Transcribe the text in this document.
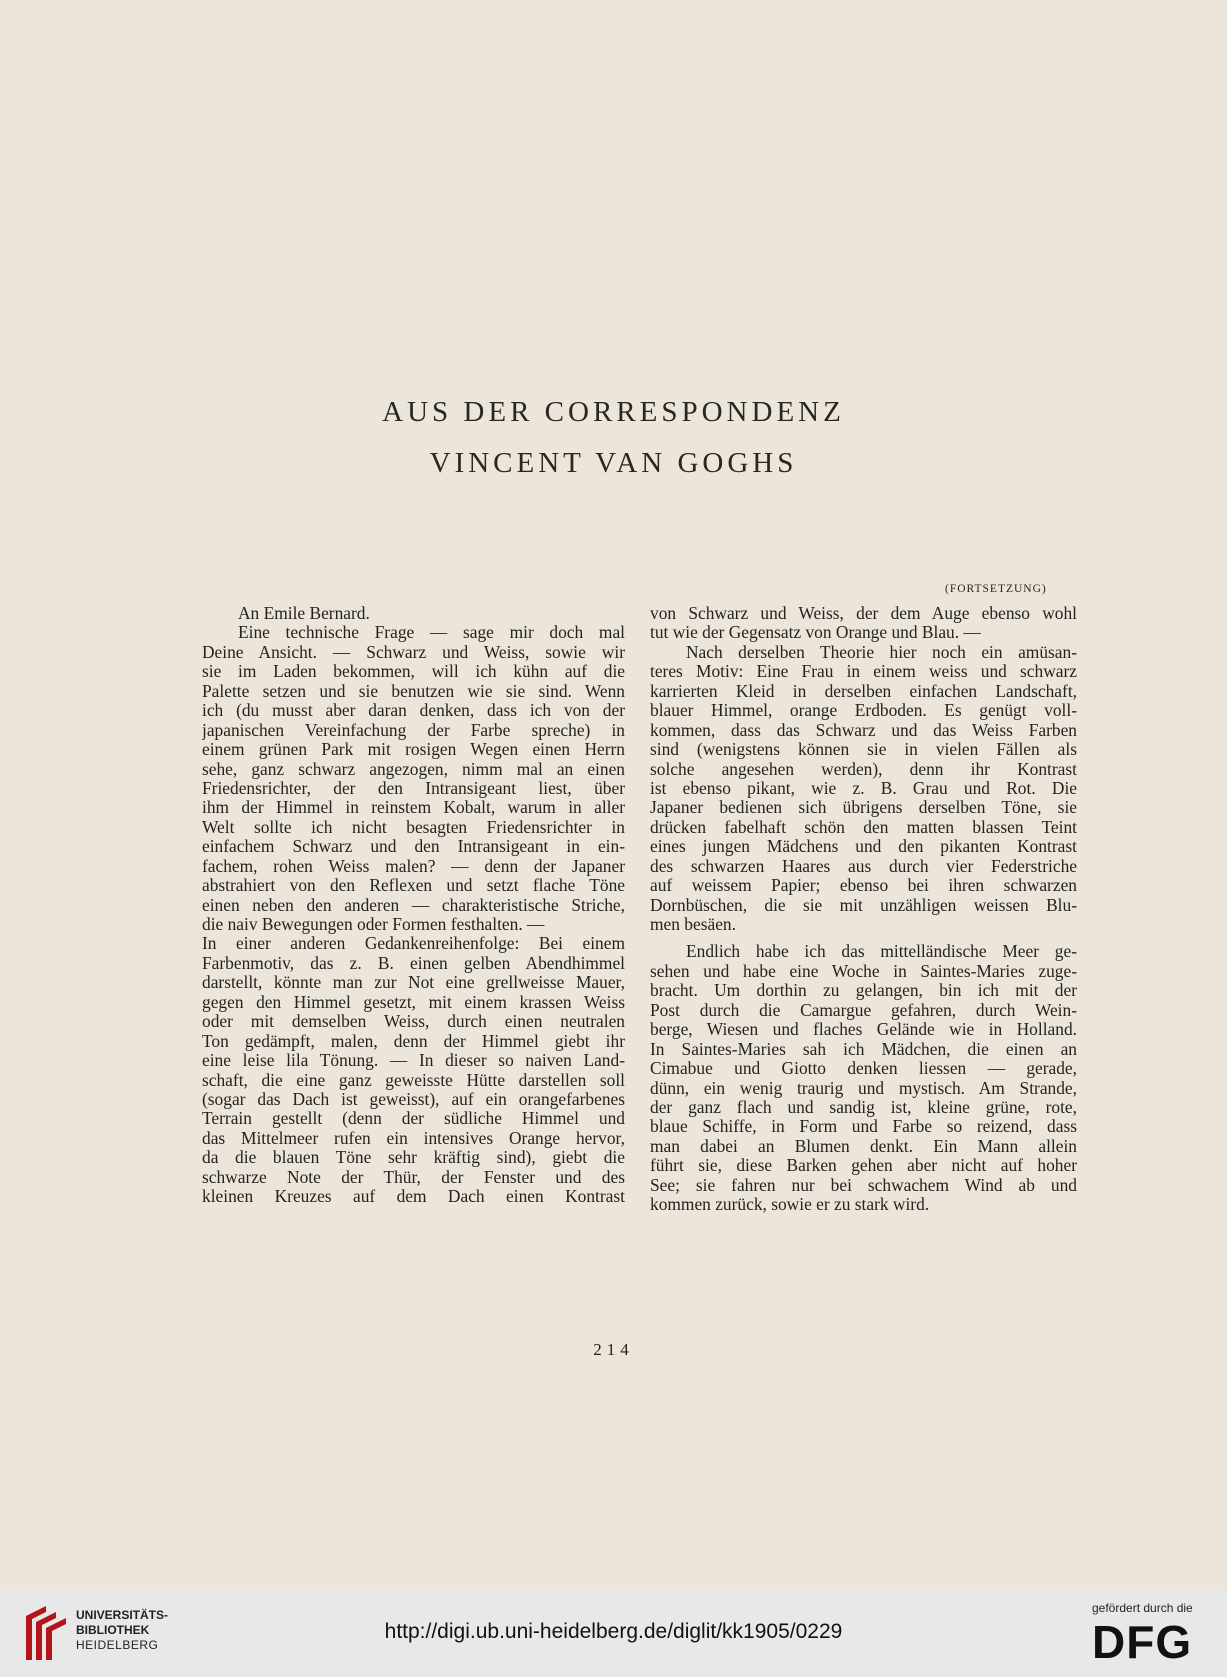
AUS DER CORRESPONDENZ
VINCENT VAN GOGHS
(FORTSETZUNG)
An Emile Bernard.
Eine technische Frage — sage mir doch mal
Deine Ansicht. — Schwarz und Weiss, sowie wir
sie im Laden bekommen, will ich kühn auf die
Palette setzen und sie benutzen wie sie sind. Wenn
ich (du musst aber daran denken, dass ich von der
japanischen Vereinfachung der Farbe spreche) in
einem grünen Park mit rosigen Wegen einen Herrn
sehe, ganz schwarz angezogen, nimm mal an einen
Friedensrichter, der den Intransigeant liest, über
ihm der Himmel in reinstem Kobalt, warum in aller
Welt sollte ich nicht besagten Friedensrichter in
einfachem Schwarz und den Intransigeant in ein-
fachem, rohen Weiss malen? — denn der Japaner
abstrahiert von den Reflexen und setzt flache Töne
einen neben den anderen — charakteristische Striche,
die naiv Bewegungen oder Formen festhalten. —
In einer anderen Gedankenreihenfolge: Bei einem
Farbenmotiv, das z. B. einen gelben Abendhimmel
darstellt, könnte man zur Not eine grellweisse Mauer,
gegen den Himmel gesetzt, mit einem krassen Weiss
oder mit demselben Weiss, durch einen neutralen
Ton gedämpft, malen, denn der Himmel giebt ihr
eine leise lila Tönung. — In dieser so naiven Land-
schaft, die eine ganz geweisste Hütte darstellen soll
(sogar das Dach ist geweisst), auf ein orangefarbenes
Terrain gestellt (denn der südliche Himmel und
das Mittelmeer rufen ein intensives Orange hervor,
da die blauen Töne sehr kräftig sind), giebt die
schwarze Note der Thür, der Fenster und des
kleinen Kreuzes auf dem Dach einen Kontrast
von Schwarz und Weiss, der dem Auge ebenso wohl
tut wie der Gegensatz von Orange und Blau. —
Nach derselben Theorie hier noch ein amüsan-
teres Motiv: Eine Frau in einem weiss und schwarz
karrierten Kleid in derselben einfachen Landschaft,
blauer Himmel, orange Erdboden. Es genügt voll-
kommen, dass das Schwarz und das Weiss Farben
sind (wenigstens können sie in vielen Fällen als
solche angesehen werden), denn ihr Kontrast
ist ebenso pikant, wie z. B. Grau und Rot. Die
Japaner bedienen sich übrigens derselben Töne, sie
drücken fabelhaft schön den matten blassen Teint
eines jungen Mädchens und den pikanten Kontrast
des schwarzen Haares aus durch vier Federstriche
auf weissem Papier; ebenso bei ihren schwarzen
Dornbüschen, die sie mit unzähligen weissen Blu-
men besäen.
Endlich habe ich das mittelländische Meer ge-
sehen und habe eine Woche in Saintes-Maries zuge-
bracht. Um dorthin zu gelangen, bin ich mit der
Post durch die Camargue gefahren, durch Wein-
berge, Wiesen und flaches Gelände wie in Holland.
In Saintes-Maries sah ich Mädchen, die einen an
Cimabue und Giotto denken liessen — gerade,
dünn, ein wenig traurig und mystisch. Am Strande,
der ganz flach und sandig ist, kleine grüne, rote,
blaue Schiffe, in Form und Farbe so reizend, dass
man dabei an Blumen denkt. Ein Mann allein
führt sie, diese Barken gehen aber nicht auf hoher
See; sie fahren nur bei schwachem Wind ab und
kommen zurück, sowie er zu stark wird.
214
UNIVERSITÄTS-
BIBLIOTHEK
HEIDELBERG
http://digi.ub.uni-heidelberg.de/diglit/kk1905/0229
gefördert durch die
DFG
